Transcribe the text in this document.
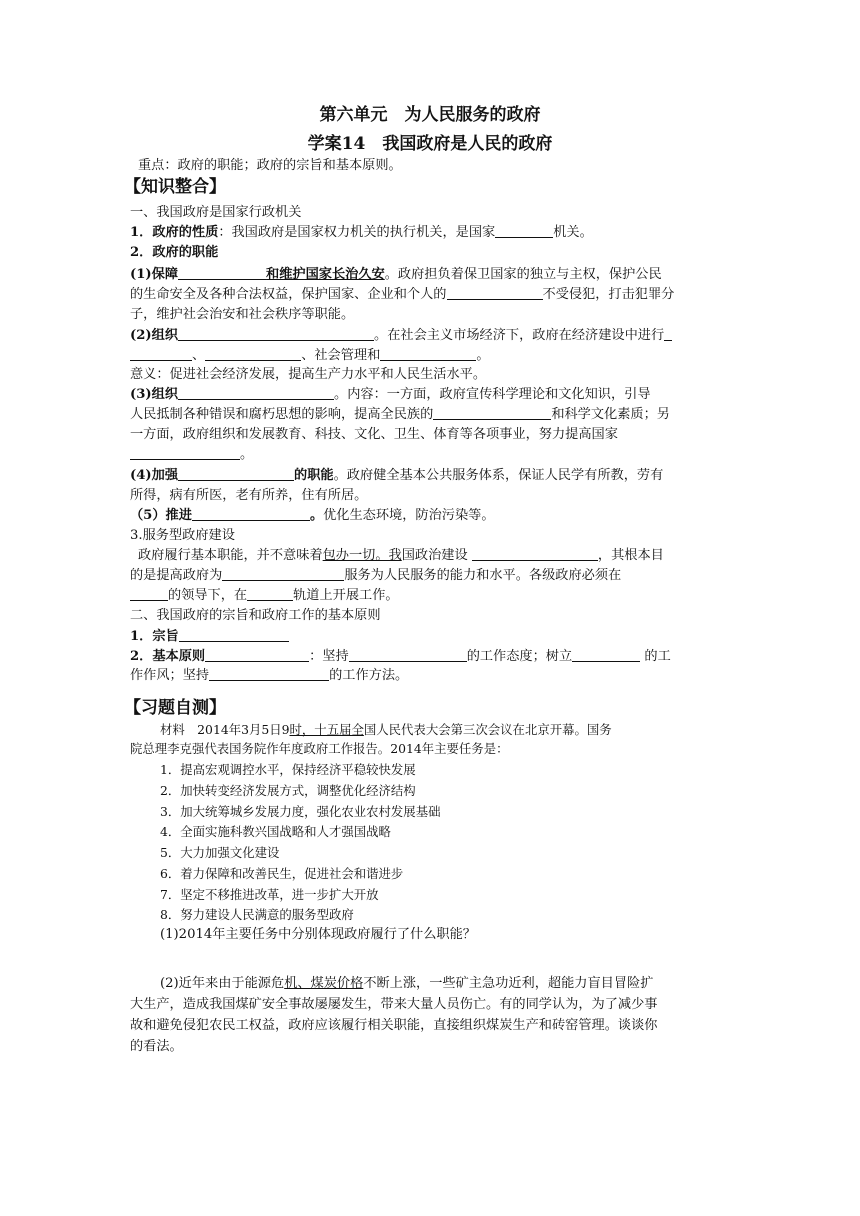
第六单元　为人民服务的政府
学案14　我国政府是人民的政府
重点：政府的职能；政府的宗旨和基本原则。
【知识整合】
一、我国政府是国家行政机关
1．政府的性质：我国政府是国家权力机关的执行机关，是国家	机关。
2．政府的职能
(1)保障	和维护国家长治久安。政府担负着保卫国家的独立与主权，保护公民
的生命安全及各种合法权益，保护国家、企业和个人的	不受侵犯，打击犯罪分
子，维护社会治安和社会秩序等职能。
(2)组织	。在社会主义市场经济下，政府在经济建设中进行
、	、社会管理和	。
意义：促进社会经济发展，提高生产力水平和人民生活水平。
(3)组织	。内容：一方面，政府宣传科学理论和文化知识，引导
人民抵制各种错误和腐朽思想的影响，提高全民族的	和科学文化素质；另
一方面，政府组织和发展教育、科技、文化、卫生、体育等各项事业，努力提高国家
。
(4)加强	的职能。政府健全基本公共服务体系，保证人民学有所教，劳有
所得，病有所医，老有所养，住有所居。
（5）推进	。优化生态环境，防治污染等。
3.服务型政府建设
政府履行基本职能，并不意味着包办一切。我国政治建设	，其根本目
的是提高政府为	服务为人民服务的能力和水平。各级政府必须在
的领导下，在	轨道上开展工作。
二、我国政府的宗旨和政府工作的基本原则
1．宗旨
2．基本原则	：坚持	的工作态度；树立	的工
作作风；坚持	的工作方法。
【习题自测】
材料　2014年3月5日9时，十五届全国人民代表大会第三次会议在北京开幕。国务
院总理李克强代表国务院作年度政府工作报告。2014年主要任务是：
1．提高宏观调控水平，保持经济平稳较快发展
2．加快转变经济发展方式，调整优化经济结构
3．加大统筹城乡发展力度，强化农业农村发展基础
4．全面实施科教兴国战略和人才强国战略
5．大力加强文化建设
6．着力保障和改善民生，促进社会和谐进步
7．坚定不移推进改革，进一步扩大开放
8．努力建设人民满意的服务型政府
(1)2014年主要任务中分别体现政府履行了什么职能？
(2)近年来由于能源危机、煤炭价格不断上涨，一些矿主急功近利，超能力盲目冒险扩
大生产，造成我国煤矿安全事故屡屡发生，带来大量人员伤亡。有的同学认为，为了减少事
故和避免侵犯农民工权益，政府应该履行相关职能，直接组织煤炭生产和砖窑管理。谈谈你
的看法。
